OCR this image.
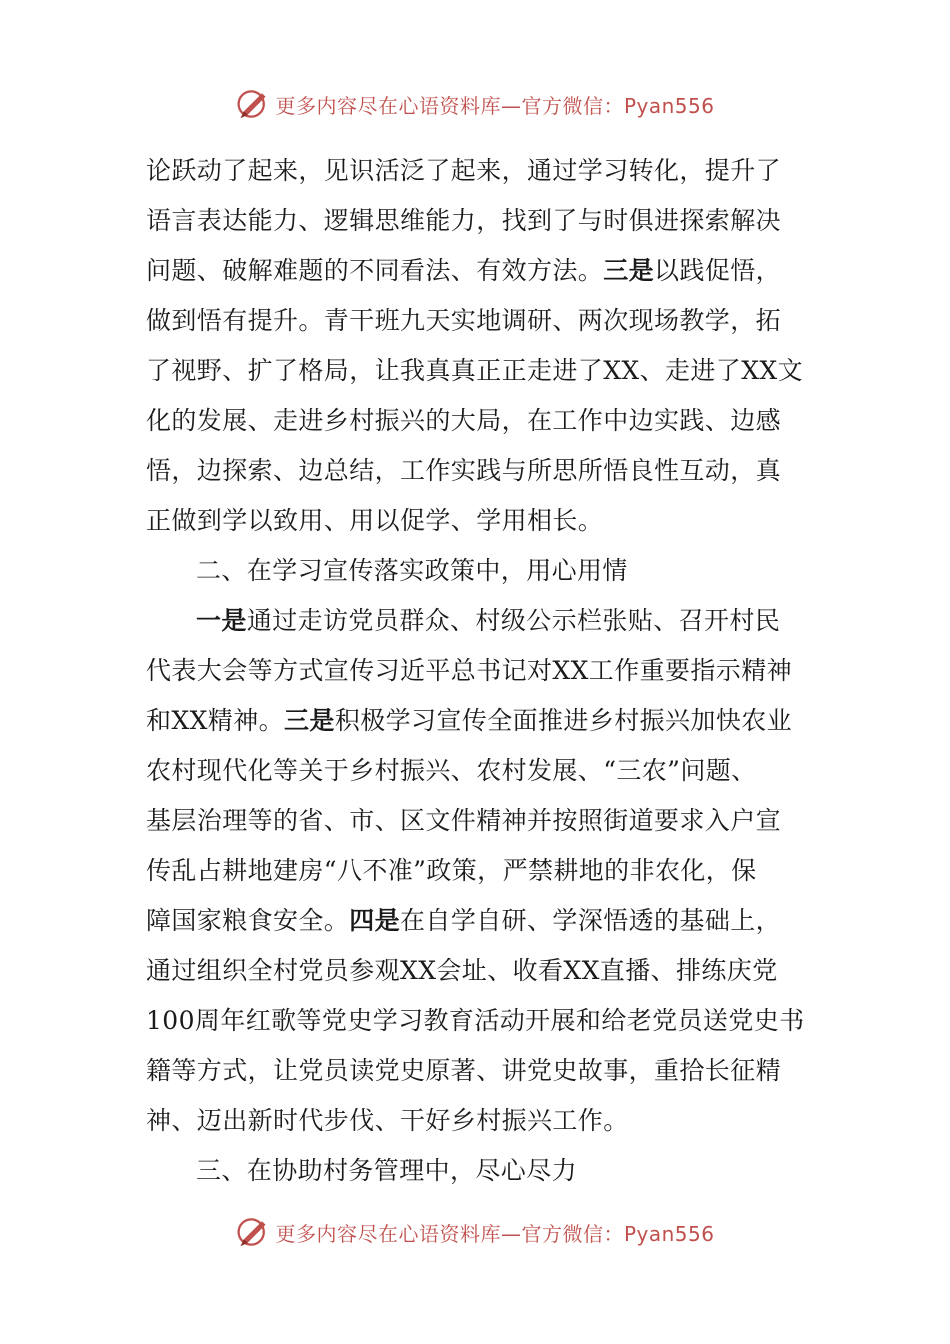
更多内容尽在心语资料库—官方微信：Pyan556
论跃动了起来，见识活泛了起来，通过学习转化，提升了
语言表达能力、逻辑思维能力，找到了与时俱进探索解决
问题、破解难题的不同看法、有效方法。三是以践促悟，
做到悟有提升。青干班九天实地调研、两次现场教学，拓
了视野、扩了格局，让我真真正正走进了XX、走进了XX文
化的发展、走进乡村振兴的大局，在工作中边实践、边感
悟，边探索、边总结，工作实践与所思所悟良性互动，真
正做到学以致用、用以促学、学用相长。
二、在学习宣传落实政策中，用心用情
一是通过走访党员群众、村级公示栏张贴、召开村民
代表大会等方式宣传习近平总书记对XX工作重要指示精神
和XX精神。三是积极学习宣传全面推进乡村振兴加快农业
农村现代化等关于乡村振兴、农村发展、“三农”问题、
基层治理等的省、市、区文件精神并按照街道要求入户宣
传乱占耕地建房“八不准”政策，严禁耕地的非农化，保
障国家粮食安全。四是在自学自研、学深悟透的基础上，
通过组织全村党员参观XX会址、收看XX直播、排练庆党
100周年红歌等党史学习教育活动开展和给老党员送党史书
籍等方式，让党员读党史原著、讲党史故事，重拾长征精
神、迈出新时代步伐、干好乡村振兴工作。
三、在协助村务管理中，尽心尽力
更多内容尽在心语资料库—官方微信：Pyan556
